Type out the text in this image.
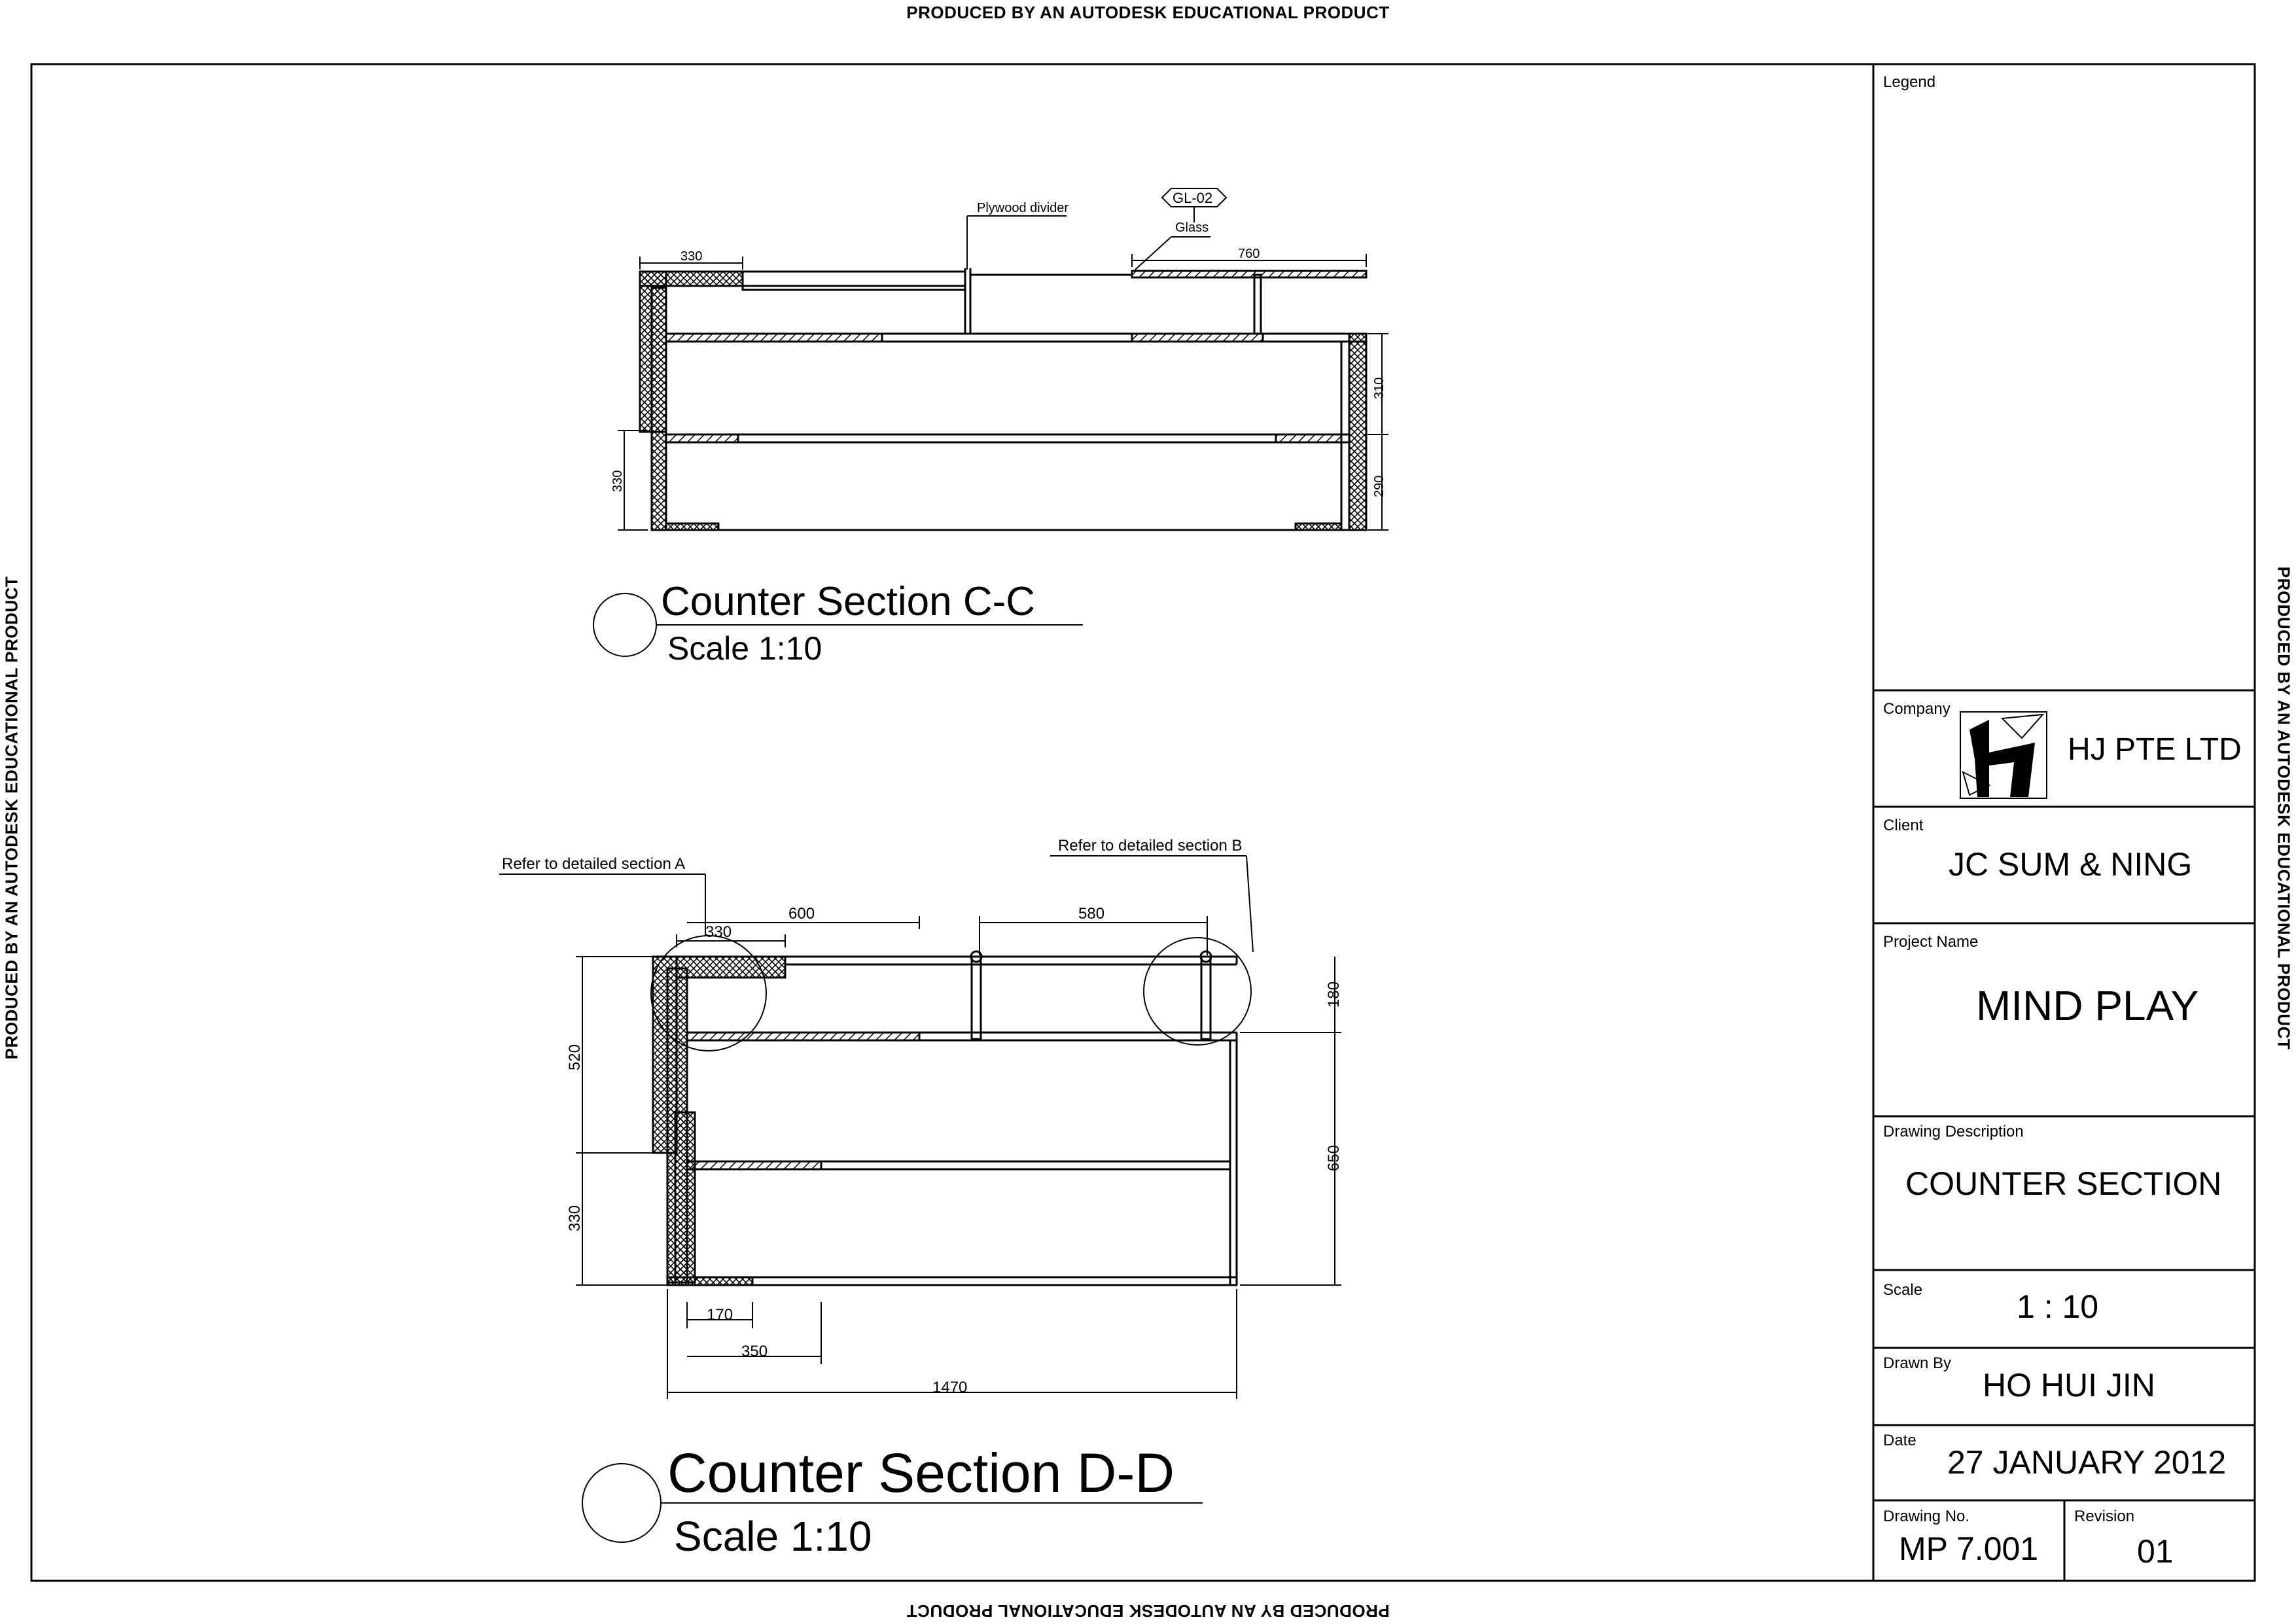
PRODUCED BY AN AUTODESK EDUCATIONAL PRODUCT
PRODUCED BY AN AUTODESK EDUCATIONAL PRODUCT
PRODUCED BY AN AUTODESK EDUCATIONAL PRODUCT	PRODUCED BY AN AUTODESK EDUCATIONAL PRODUCT
330	760
310
290
330
Plywood divider
Glass
GL-02
Counter Section C-C
Scale 1:10
330
600	580
180
650
520
330
170
350
1470
Refer to detailed section A
Refer to detailed section B
Counter Section D-D
Scale 1:10
Legend
Company
HJ PTE LTD
Client
JC SUM & NING
Project Name
MIND PLAY
Drawing Description
COUNTER SECTION
Scale	1 : 10
Drawn By
HO HUI JIN
Date
27 JANUARY 2012
Drawing No.
MP 7.001
Revision
01
